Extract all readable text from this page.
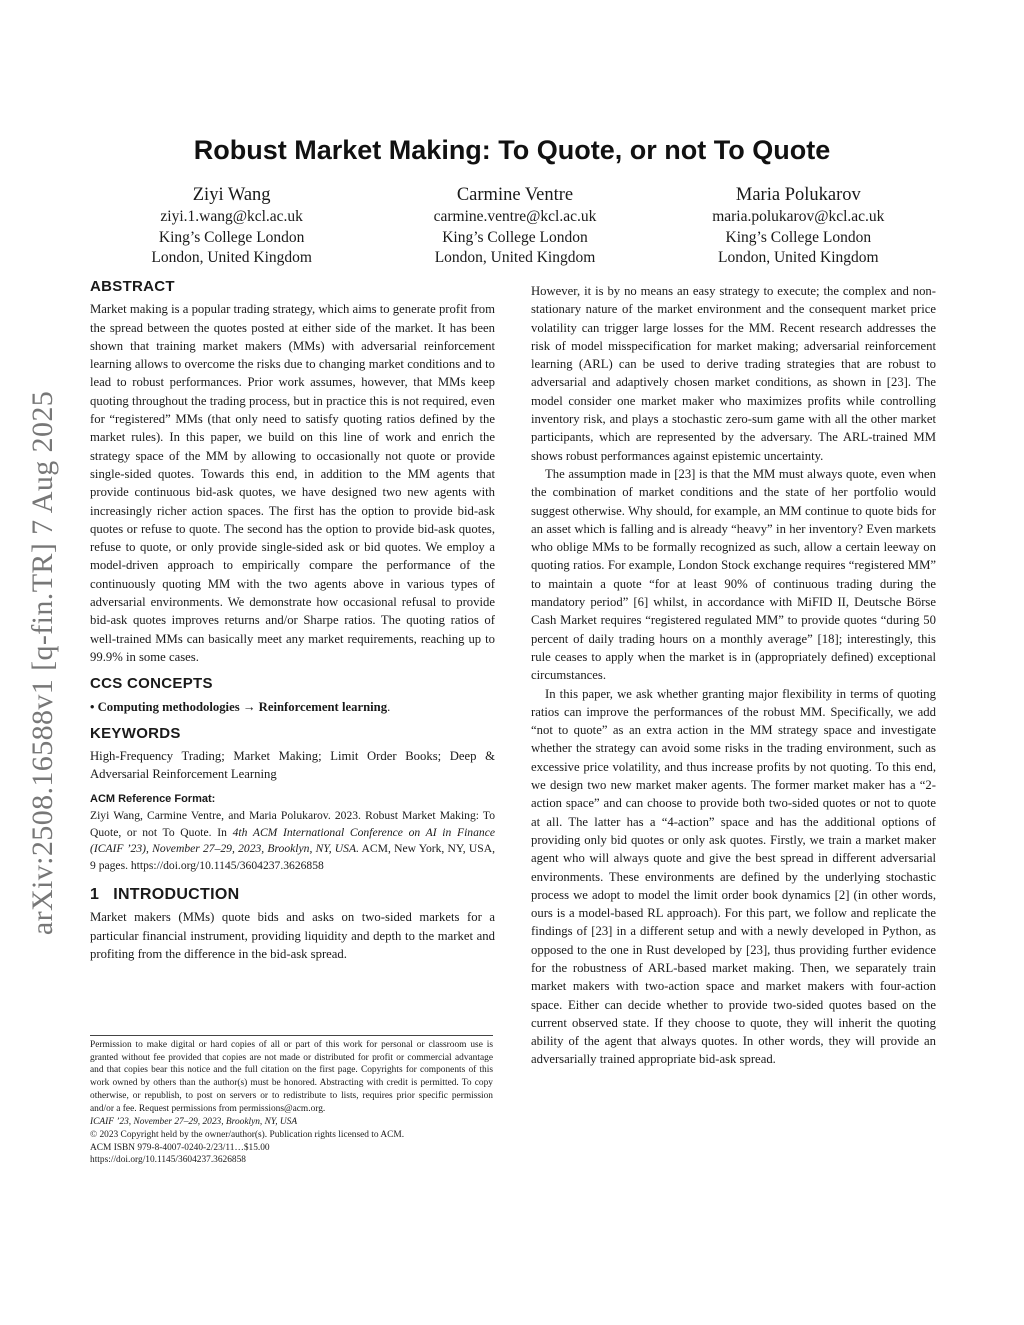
arXiv:2508.16588v1 [q-fin.TR] 7 Aug 2025
Robust Market Making: To Quote, or not To Quote
Ziyi Wang
ziyi.1.wang@kcl.ac.uk
King’s College London
London, United Kingdom
Carmine Ventre
carmine.ventre@kcl.ac.uk
King’s College London
London, United Kingdom
Maria Polukarov
maria.polukarov@kcl.ac.uk
King’s College London
London, United Kingdom
ABSTRACT

Market making is a popular trading strategy, which aims to generate profit from the spread between the quotes posted at either side of the market. It has been shown that training market makers (MMs) with adversarial reinforcement learning allows to overcome the risks due to changing market conditions and to lead to robust performances. Prior work assumes, however, that MMs keep quoting throughout the trading process, but in practice this is not required, even for “registered” MMs (that only need to satisfy quoting ratios defined by the market rules). In this paper, we build on this line of work and enrich the strategy space of the MM by allowing to occasionally not quote or provide single-sided quotes. Towards this end, in addition to the MM agents that provide continuous bid-ask quotes, we have designed two new agents with increasingly richer action spaces. The first has the option to provide bid-ask quotes or refuse to quote. The second has the option to provide bid-ask quotes, refuse to quote, or only provide single-sided ask or bid quotes. We employ a model-driven approach to empirically compare the performance of the continuously quoting MM with the two agents above in various types of adversarial environments. We demonstrate how occasional refusal to provide bid-ask quotes improves returns and/or Sharpe ratios. The quoting ratios of well-trained MMs can basically meet any market requirements, reaching up to 99.9% in some cases.

CCS CONCEPTS

• Computing methodologies → Reinforcement learning.

KEYWORDS

High-Frequency Trading; Market Making; Limit Order Books; Deep & Adversarial Reinforcement Learning

ACM Reference Format:

Ziyi Wang, Carmine Ventre, and Maria Polukarov. 2023. Robust Market Making: To Quote, or not To Quote. In 4th ACM International Conference on AI in Finance (ICAIF ’23), November 27–29, 2023, Brooklyn, NY, USA. ACM, New York, NY, USA, 9 pages. https://doi.org/10.1145/3604237.3626858

1 INTRODUCTION

Market makers (MMs) quote bids and asks on two-sided markets for a particular financial instrument, providing liquidity and depth to the market and profiting from the difference in the bid-ask spread.

Permission to make digital or hard copies of all or part of this work for personal or classroom use is granted without fee provided that copies are not made or distributed for profit or commercial advantage and that copies bear this notice and the full citation on the first page. Copyrights for components of this work owned by others than the author(s) must be honored. Abstracting with credit is permitted. To copy otherwise, or republish, to post on servers or to redistribute to lists, requires prior specific permission and/or a fee. Request permissions from permissions@acm.org.

ICAIF ’23, November 27–29, 2023, Brooklyn, NY, USA

© 2023 Copyright held by the owner/author(s). Publication rights licensed to ACM.

ACM ISBN 979-8-4007-0240-2/23/11…$15.00

https://doi.org/10.1145/3604237.3626858

However, it is by no means an easy strategy to execute; the complex and non-stationary nature of the market environment and the consequent market price volatility can trigger large losses for the MM. Recent research addresses the risk of model misspecification for market making; adversarial reinforcement learning (ARL) can be used to derive trading strategies that are robust to adversarial and adaptively chosen market conditions, as shown in [23]. The model consider one market maker who maximizes profits while controlling inventory risk, and plays a stochastic zero-sum game with all the other market participants, which are represented by the adversary. The ARL-trained MM shows robust performances against epistemic uncertainty.

The assumption made in [23] is that the MM must always quote, even when the combination of market conditions and the state of her portfolio would suggest otherwise. Why should, for example, an MM continue to quote bids for an asset which is falling and is already “heavy” in her inventory? Even markets who oblige MMs to be formally recognized as such, allow a certain leeway on quoting ratios. For example, London Stock exchange requires “registered MM” to maintain a quote “for at least 90% of continuous trading during the mandatory period” [6] whilst, in accordance with MiFID II, Deutsche Börse Cash Market requires “registered regulated MM” to provide quotes “during 50 percent of daily trading hours on a monthly average” [18]; interestingly, this rule ceases to apply when the market is in (appropriately defined) exceptional circumstances.

In this paper, we ask whether granting major flexibility in terms of quoting ratios can improve the performances of the robust MM. Specifically, we add “not to quote” as an extra action in the MM strategy space and investigate whether the strategy can avoid some risks in the trading environment, such as excessive price volatility, and thus increase profits by not quoting. To this end, we design two new market maker agents. The former market maker has a “2-action space” and can choose to provide both two-sided quotes or not to quote at all. The latter has a “4-action” space and has the additional options of providing only bid quotes or only ask quotes. Firstly, we train a market maker agent who will always quote and give the best spread in different adversarial environments. These environments are defined by the underlying stochastic process we adopt to model the limit order book dynamics [2] (in other words, ours is a model-based RL approach). For this part, we follow and replicate the findings of [23] in a different setup and with a newly developed in Python, as opposed to the one in Rust developed by [23], thus providing further evidence for the robustness of ARL-based market making. Then, we separately train market makers with two-action space and market makers with four-action space. Either can decide whether to provide two-sided quotes based on the current observed state. If they choose to quote, they will inherit the quoting ability of the agent that always quotes. In other words, they will provide an adversarially trained appropriate bid-ask spread.
